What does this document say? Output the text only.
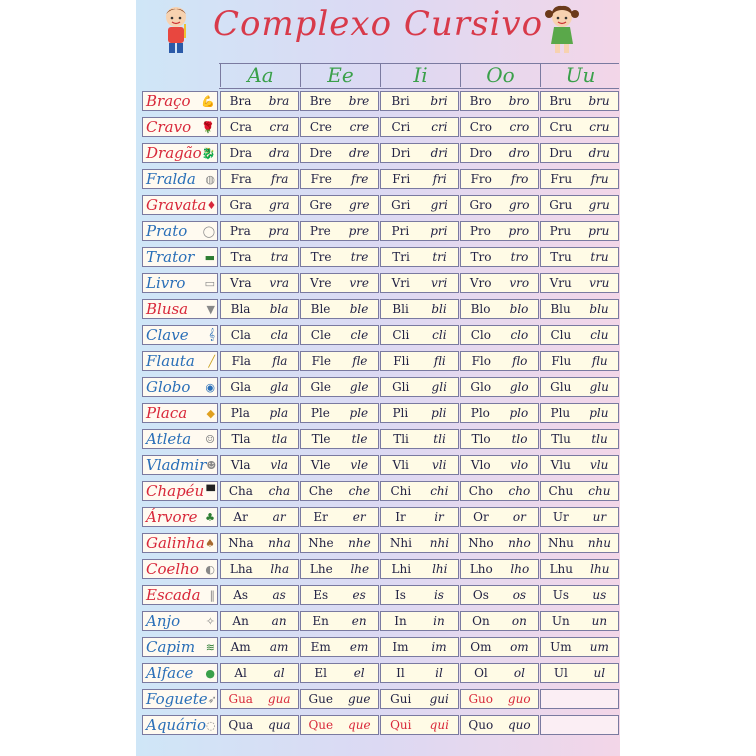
Complexo Cursivo
Aa	Ee	Ii	Oo	Uu
Braço 💪 Bra bra Bre bre Bri bri Bro bro Bru bru
Cravo 🌹 Cra cra Cre cre Cri cri Cro cro Cru cru
Dragão 🐉 Dra dra Dre dre Dri dri Dro dro Dru dru
Fralda ◍ Fra fra Fre fre Fri fri Fro fro Fru fru
Gravata ♦ Gra gra Gre gre Gri gri Gro gro Gru gru
Prato ◯ Pra pra Pre pre Pri pri Pro pro Pru pru
Trator ▬ Tra tra Tre tre Tri tri Tro tro Tru tru
Livro ▭ Vra vra Vre vre Vri vri Vro vro Vru vru
Blusa ▼ Bla bla Ble ble Bli bli Blo blo Blu blu
Clave 𝄞 Cla cla Cle cle Cli cli Clo clo Clu clu
Flauta ╱ Fla fla Fle fle Fli fli Flo flo Flu flu
Globo ◉ Gla gla Gle gle Gli gli Glo glo Glu glu
Placa ◆ Pla pla Ple ple Pli pli Plo plo Plu plu
Atleta ☺ Tla tla Tle tle Tli tli Tlo tlo Tlu tlu
Vladmir ☻ Vla vla Vle vle Vli vli Vlo vlo Vlu vlu
Chapéu ▀ Cha cha Che che Chi chi Cho cho Chu chu
Árvore ♣ Ar ar Er er Ir ir Or or Ur ur
Galinha ♠ Nha nha Nhe nhe Nhi nhi Nho nho Nhu nhu
Coelho ◐ Lha lha Lhe lhe Lhi lhi Lho lho Lhu lhu
Escada ‖ As as Es es Is is Os os Us us
Anjo ✧ An an En en In in On on Un un
Capim ≋ Am am Em em Im im Om om Um um
Alface ● Al al El el	Il	il	Ol ol Ul ul
Foguete ➶ Gua gua Gue gue Gui gui Guo guo
Aquário ◌ Qua qua Que que Qui qui Quo quo
